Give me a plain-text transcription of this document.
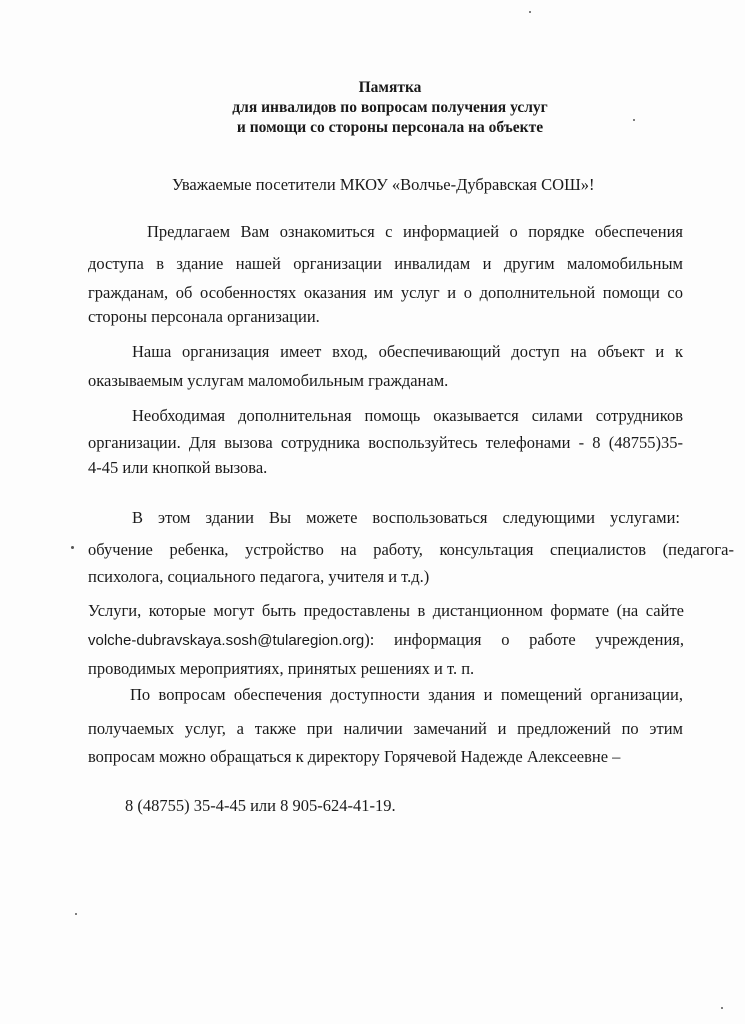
Памятка
для инвалидов по вопросам получения услуг
и помощи со стороны персонала на объекте
Уважаемые посетители МКОУ «Волчье-Дубравская СОШ»!
Предлагаем Вам ознакомиться с информацией о порядке обеспечения
доступа в здание нашей организации инвалидам и другим маломобильным
гражданам, об особенностях оказания им услуг и о дополнительной помощи со
стороны персонала организации.
Наша организация имеет вход, обеспечивающий доступ на объект и к
оказываемым услугам маломобильным гражданам.
Необходимая дополнительная помощь оказывается силами сотрудников
организации. Для вызова сотрудника воспользуйтесь телефонами - 8 (48755)35-
4-45 или кнопкой вызова.
В этом здании Вы можете воспользоваться следующими услугами:
обучение ребенка, устройство на работу, консультация специалистов (педагога-
психолога, социального педагога, учителя и т.д.)
Услуги, которые могут быть предоставлены в дистанционном формате (на сайте
volche-dubravskaya.sosh@tularegion.org): информация о работе учреждения,
проводимых мероприятиях, принятых решениях и т. п.
По вопросам обеспечения доступности здания и помещений организации,
получаемых услуг, а также при наличии замечаний и предложений по этим
вопросам можно обращаться к директору Горячевой Надежде Алексеевне –
8 (48755) 35-4-45 или 8 905-624-41-19.
